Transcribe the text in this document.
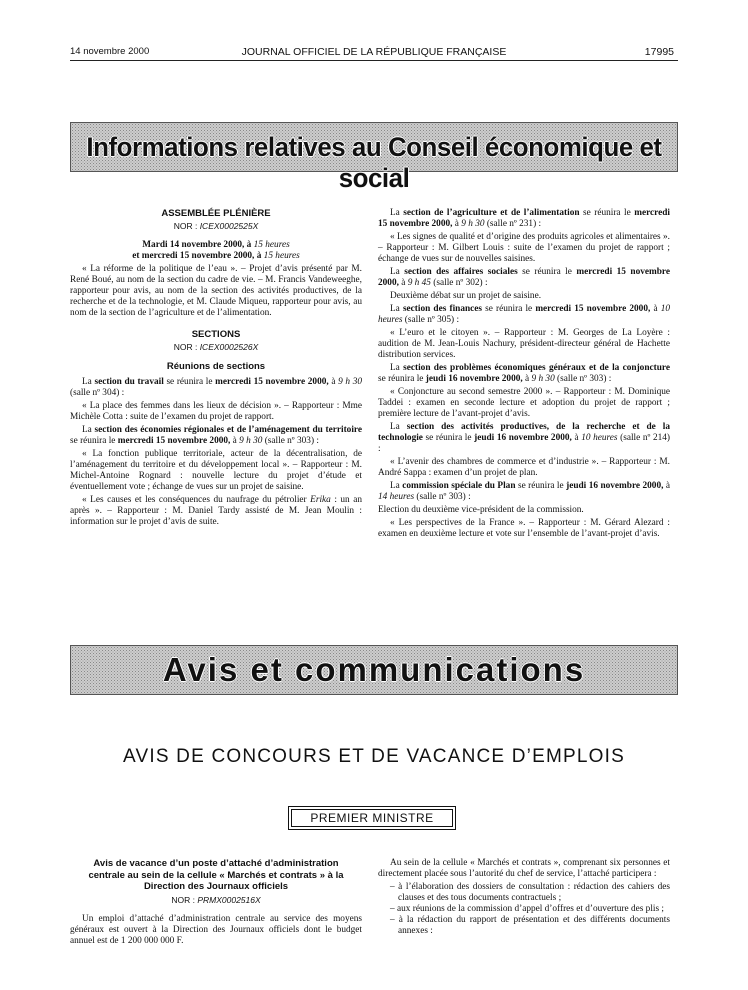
14 novembre 2000	JOURNAL OFFICIEL DE LA RÉPUBLIQUE FRANÇAISE	17995
Informations relatives au Conseil économique et social

ASSEMBLÉE PLÉNIÈRE

NOR : ICEX0002525X

Mardi 14 novembre 2000, à 15 heures
et mercredi 15 novembre 2000, à 15 heures

« La réforme de la politique de l’eau ». – Projet d’avis présenté par M. René Boué, au nom de la section du cadre de vie. – M. Francis Vandeweeghe, rapporteur pour avis, au nom de la section des activités productives, de la recherche et de la technologie, et M. Claude Miqueu, rapporteur pour avis, au nom de la section de l’agriculture et de l’alimentation.

SECTIONS

NOR : ICEX0002526X

Réunions de sections

La section du travail se réunira le mercredi 15 novembre 2000, à 9 h 30 (salle nº 304) :

« La place des femmes dans les lieux de décision ». – Rapporteur : Mme Michèle Cotta : suite de l’examen du projet de rapport.

La section des économies régionales et de l’aménagement du territoire se réunira le mercredi 15 novembre 2000, à 9 h 30 (salle nº 303) :

« La fonction publique territoriale, acteur de la décentralisation, de l’aménagement du territoire et du développement local ». – Rapporteur : M. Michel-Antoine Rognard : nouvelle lecture du projet d’étude et éventuellement vote ; échange de vues sur un projet de saisine.

« Les causes et les conséquences du naufrage du pétrolier Erika : un an après ». – Rapporteur : M. Daniel Tardy assisté de M. Jean Moulin : information sur le projet d’avis de suite.

La section de l’agriculture et de l’alimentation se réunira le mercredi 15 novembre 2000, à 9 h 30 (salle nº 231) :

« Les signes de qualité et d’origine des produits agricoles et alimentaires ». – Rapporteur : M. Gilbert Louis : suite de l’examen du projet de rapport ; échange de vues sur de nouvelles saisines.

La section des affaires sociales se réunira le mercredi 15 novembre 2000, à 9 h 45 (salle nº 302) :

Deuxième débat sur un projet de saisine.

La section des finances se réunira le mercredi 15 novembre 2000, à 10 heures (salle nº 305) :

« L’euro et le citoyen ». – Rapporteur : M. Georges de La Loyère : audition de M. Jean-Louis Nachury, président-directeur général de Hachette distribution services.

La section des problèmes économiques généraux et de la conjoncture se réunira le jeudi 16 novembre 2000, à 9 h 30 (salle nº 303) :

« Conjoncture au second semestre 2000 ». – Rapporteur : M. Dominique Taddei : examen en seconde lecture et adoption du projet de rapport ; première lecture de l’avant-projet d’avis.

La section des activités productives, de la recherche et de la technologie se réunira le jeudi 16 novembre 2000, à 10 heures (salle nº 214) :

« L’avenir des chambres de commerce et d’industrie ». – Rapporteur : M. André Sappa : examen d’un projet de plan.

La commission spéciale du Plan se réunira le jeudi 16 novembre 2000, à 14 heures (salle nº 303) :

Election du deuxième vice-président de la commission.

« Les perspectives de la France ». – Rapporteur : M. Gérard Alezard : examen en deuxième lecture et vote sur l’ensemble de l’avant-projet d’avis.

Avis et communications
AVIS DE CONCOURS ET DE VACANCE D’EMPLOIS
PREMIER MINISTRE

Avis de vacance d’un poste d’attaché d’administration centrale au sein de la cellule « Marchés et contrats » à la Direction des Journaux officiels

NOR : PRMX0002516X

Un emploi d’attaché d’administration centrale au service des moyens généraux est ouvert à la Direction des Journaux officiels dont le budget annuel est de 1 200 000 000 F.

Au sein de la cellule « Marchés et contrats », comprenant six personnes et directement placée sous l’autorité du chef de service, l’attaché participera :

– à l’élaboration des dossiers de consultation : rédaction des cahiers des clauses et des tous documents contractuels ;
– aux réunions de la commission d’appel d’offres et d’ouverture des plis ;
– à la rédaction du rapport de présentation et des différents documents annexes :
